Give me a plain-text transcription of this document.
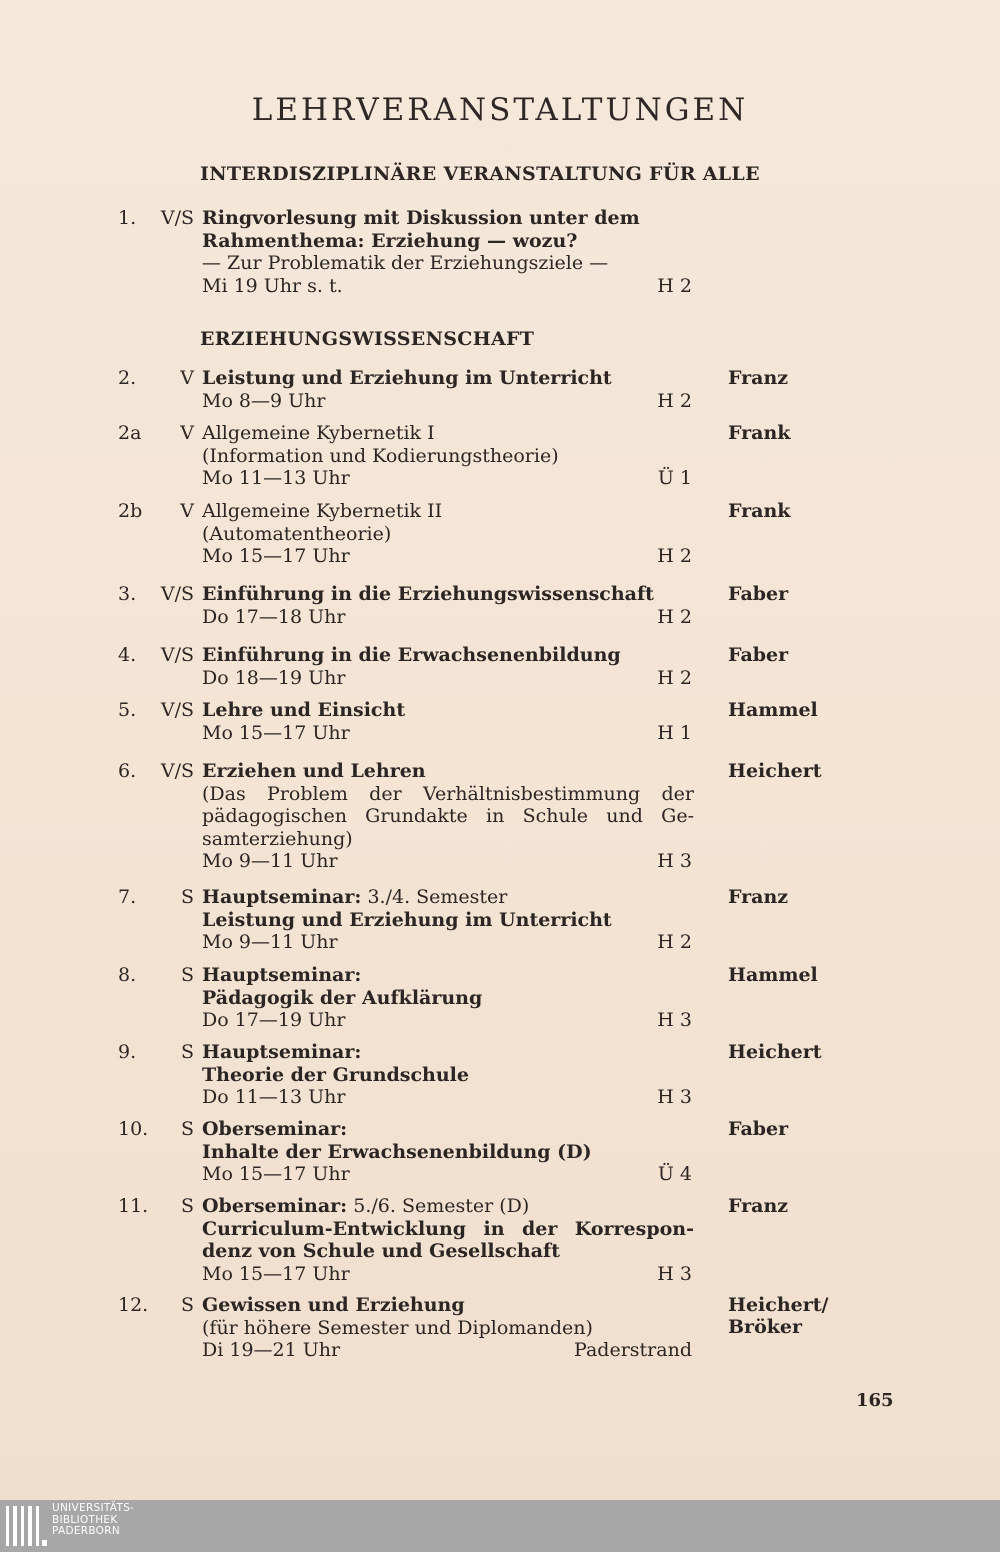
LEHRVERANSTALTUNGEN
INTERDISZIPLINÄRE VERANSTALTUNG FÜR ALLE
1.	V/S Ringvorlesung mit Diskussion unter dem
Rahmenthema: Erziehung — wozu?
— Zur Problematik der Erziehungsziele —
Mi 19 Uhr s. t.	H 2
ERZIEHUNGSWISSENSCHAFT
2.	V Leistung und Erziehung im Unterricht
Mo 8—9 Uhr	H 2
Franz
2a	V Allgemeine Kybernetik I
(Information und Kodierungstheorie)
Mo 11—13 Uhr	Ü 1
Frank
2b	V Allgemeine Kybernetik II
(Automatentheorie)
Mo 15—17 Uhr	H 2
Frank
3.	V/S Einführung in die Erziehungswissenschaft
Do 17—18 Uhr	H 2
Faber
4.	V/S Einführung in die Erwachsenenbildung
Do 18—19 Uhr	H 2
Faber
5.	V/S Lehre und Einsicht
Mo 15—17 Uhr	H 1
Hammel
6.	V/S Erziehen und Lehren
(Das Problem der Verhältnisbestimmung der
pädagogischen Grundakte in Schule und Ge-
samterziehung)
Mo 9—11 Uhr	H 3
Heichert
7.	S Hauptseminar: 3./4. Semester
Leistung und Erziehung im Unterricht
Mo 9—11 Uhr	H 2
Franz
8.	S Hauptseminar:
Pädagogik der Aufklärung
Do 17—19 Uhr	H 3
Hammel
9.	S Hauptseminar:
Theorie der Grundschule
Do 11—13 Uhr	H 3
Heichert
10.	S Oberseminar:
Inhalte der Erwachsenenbildung (D)
Mo 15—17 Uhr	Ü 4
Faber
11.	S Oberseminar: 5./6. Semester (D)
Curriculum-Entwicklung in der Korrespon-
denz von Schule und Gesellschaft
Mo 15—17 Uhr	H 3
Franz
12.	S Gewissen und Erziehung
(für höhere Semester und Diplomanden)
Di 19—21 Uhr	Paderstrand
Heichert/
Bröker
165
UNIVERSITÄTS-
BIBLIOTHEK
PADERBORN
